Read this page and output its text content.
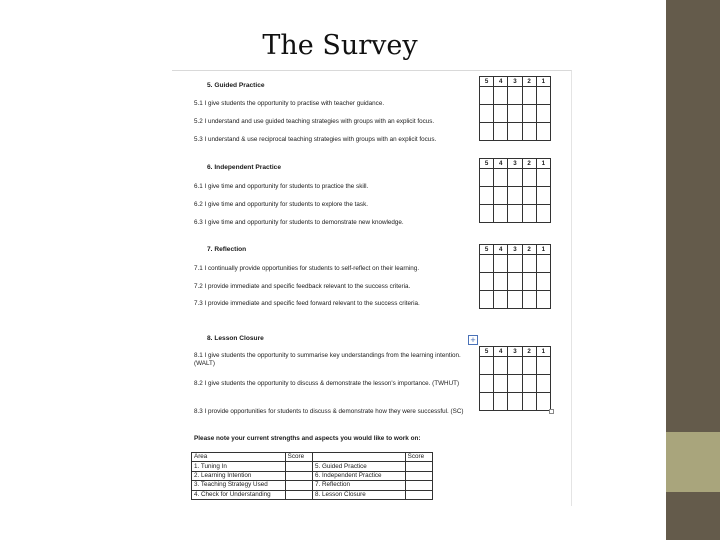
The Survey
5. Guided Practice
5.1 I give students the opportunity to practise with teacher guidance.
5.2 I understand and use guided teaching strategies with groups with an explicit focus.
5.3 I understand & use reciprocal teaching strategies with groups with an explicit focus.
5	4	3	2	1

6. Independent Practice
6.1 I give time and opportunity for students to practice the skill.
6.2 I give time and opportunity for students to explore the task.
6.3 I give time and opportunity for students to demonstrate new knowledge.
5	4	3	2	1

7. Reflection
7.1 I continually provide opportunities for students to self-reflect on their learning.
7.2 I provide immediate and specific feedback relevant to the success criteria.
7.3 I provide immediate and specific feed forward relevant to the success criteria.
5	4	3	2	1

8. Lesson Closure
8.1 I give students the opportunity to summarise key understandings from the learning intention. (WALT)
8.2 I give students the opportunity to discuss & demonstrate the lesson's importance. (TWHUT)
8.3 I provide opportunities for students to discuss & demonstrate how they were successful. (SC)
+
5	4	3	2	1

Please note your current strengths and aspects you would like to work on:
Area	Score		Score
1. Tuning In		5. Guided Practice	
2. Learning Intention		6. Independent Practice	
3. Teaching Strategy Used		7. Reflection	
4. Check for Understanding		8. Lesson Closure	
